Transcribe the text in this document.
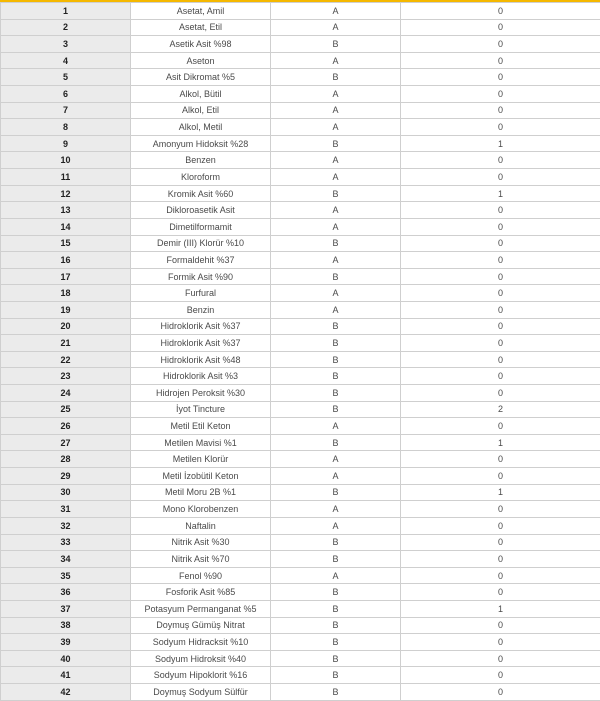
1	Asetat, Amil	A	0
2	Asetat, Etil	A	0
3	Asetik Asit %98	B	0
4	Aseton	A	0
5	Asit Dikromat %5	B	0
6	Alkol, Bütil	A	0
7	Alkol, Etil	A	0
8	Alkol, Metil	A	0
9	Amonyum Hidoksit %28	B	1
10	Benzen	A	0
11	Kloroform	A	0
12	Kromik Asit %60	B	1
13	Dikloroasetik Asit	A	0
14	Dimetilformamit	A	0
15	Demir (III) Klorür %10	B	0
16	Formaldehit %37	A	0
17	Formik Asit %90	B	0
18	Furfural	A	0
19	Benzin	A	0
20	Hidroklorik Asit %37	B	0
21	Hidroklorik Asit %37	B	0
22	Hidroklorik Asit %48	B	0
23	Hidroklorik Asit %3	B	0
24	Hidrojen Peroksit %30	B	0
25	İyot Tincture	B	2
26	Metil Etil Keton	A	0
27	Metilen Mavisi %1	B	1
28	Metilen Klorür	A	0
29	Metil İzobütil Keton	A	0
30	Metil Moru 2B %1	B	1
31	Mono Klorobenzen	A	0
32	Naftalin	A	0
33	Nitrik Asit %30	B	0
34	Nitrik Asit %70	B	0
35	Fenol %90	A	0
36	Fosforik Asit %85	B	0
37	Potasyum Permanganat %5	B	1
38	Doymuş Gümüş Nitrat	B	0
39	Sodyum Hidracksit %10	B	0
40	Sodyum Hidroksit %40	B	0
41	Sodyum Hipoklorit %16	B	0
42	Doymuş Sodyum Sülfür	B	0
